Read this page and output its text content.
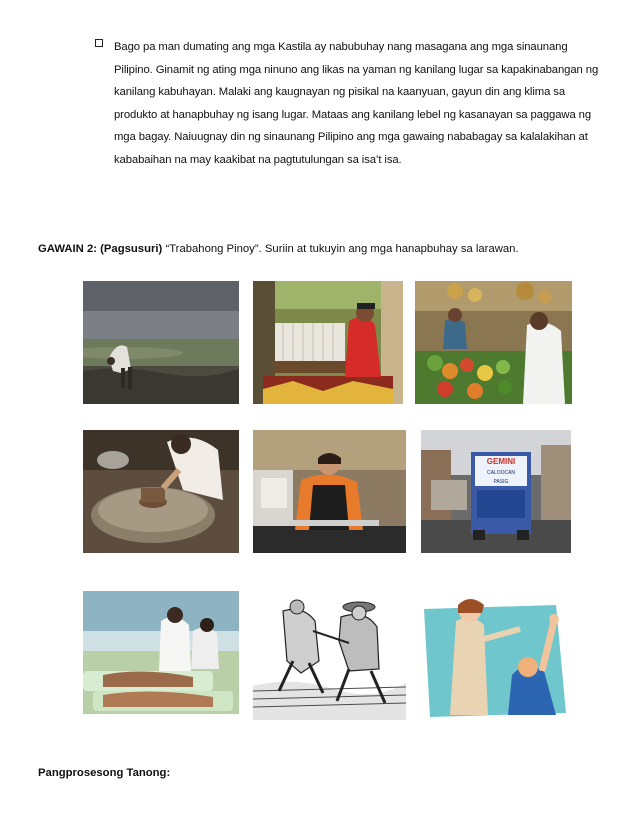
Bago pa man dumating ang mga Kastila ay nabubuhay nang masagana ang mga sinaunang Pilipino. Ginamit ng ating mga ninuno ang likas na yaman ng kanilang lugar sa kapakinabangan ng kanilang kabuhayan. Malaki ang kaugnayan ng pisikal na kaanyuan, gayun din ang klima sa produkto at hanapbuhay ng isang lugar. Mataas ang kanilang lebel ng kasanayan sa paggawa ng mga bagay. Naiuugnay din ng sinaunang Pilipino ang mga gawaing nababagay sa kalalakihan at kababaihan na may kaakibat na pagtutulungan sa isa’t isa.
GAWAIN 2: (Pagsusuri) “Trabahong Pinoy”. Suriin at tukuyin ang mga hanapbuhay sa larawan.
GEMINI
CALOOCAN
PASIG
Pangprosesong Tanong:
